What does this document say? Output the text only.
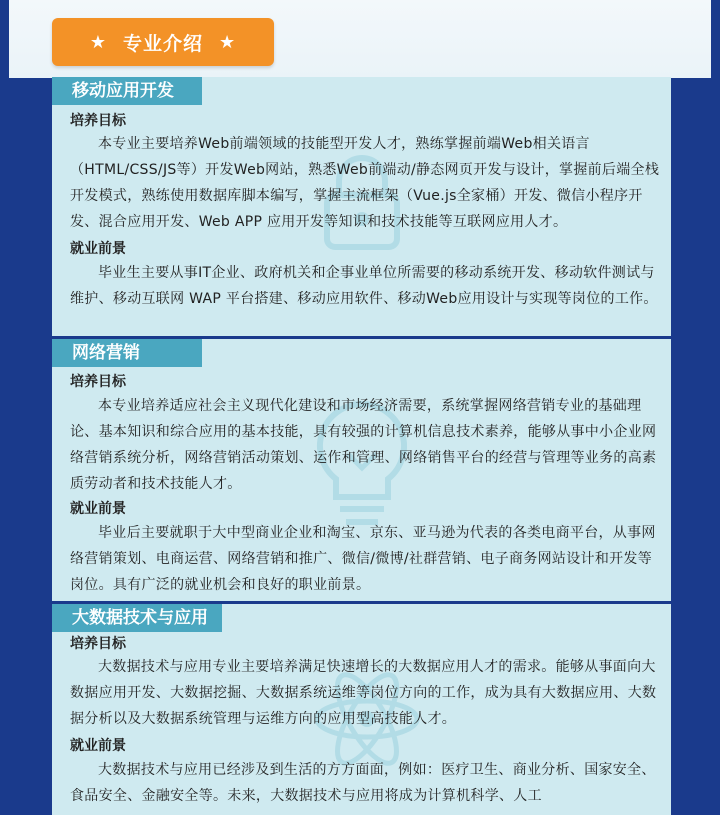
★ 专业介绍 ★
移动应用开发
培养目标
本专业主要培养Web前端领域的技能型开发人才，熟练掌握前端Web相关语言（HTML/CSS/JS等）开发Web网站，熟悉Web前端动/静态网页开发与设计，掌握前后端全栈开发模式，熟练使用数据库脚本编写，掌握主流框架（Vue.js全家桶）开发、微信小程序开发、混合应用开发、Web APP 应用开发等知识和技术技能等互联网应用人才。
就业前景
毕业生主要从事IT企业、政府机关和企事业单位所需要的移动系统开发、移动软件测试与维护、移动互联网 WAP 平台搭建、移动应用软件、移动Web应用设计与实现等岗位的工作。
网络营销
培养目标
本专业培养适应社会主义现代化建设和市场经济需要，系统掌握网络营销专业的基础理论、基本知识和综合应用的基本技能，具有较强的计算机信息技术素养，能够从事中小企业网络营销系统分析，网络营销活动策划、运作和管理、网络销售平台的经营与管理等业务的高素质劳动者和技术技能人才。
就业前景
毕业后主要就职于大中型商业企业和淘宝、京东、亚马逊为代表的各类电商平台，从事网络营销策划、电商运营、网络营销和推广、微信/微博/社群营销、电子商务网站设计和开发等岗位。具有广泛的就业机会和良好的职业前景。
大数据技术与应用
培养目标
大数据技术与应用专业主要培养满足快速增长的大数据应用人才的需求。能够从事面向大数据应用开发、大数据挖掘、大数据系统运维等岗位方向的工作，成为具有大数据应用、大数据分析以及大数据系统管理与运维方向的应用型高技能人才。
就业前景
大数据技术与应用已经涉及到生活的方方面面，例如：医疗卫生、商业分析、国家安全、食品安全、金融安全等。未来，大数据技术与应用将成为计算机科学、人工
